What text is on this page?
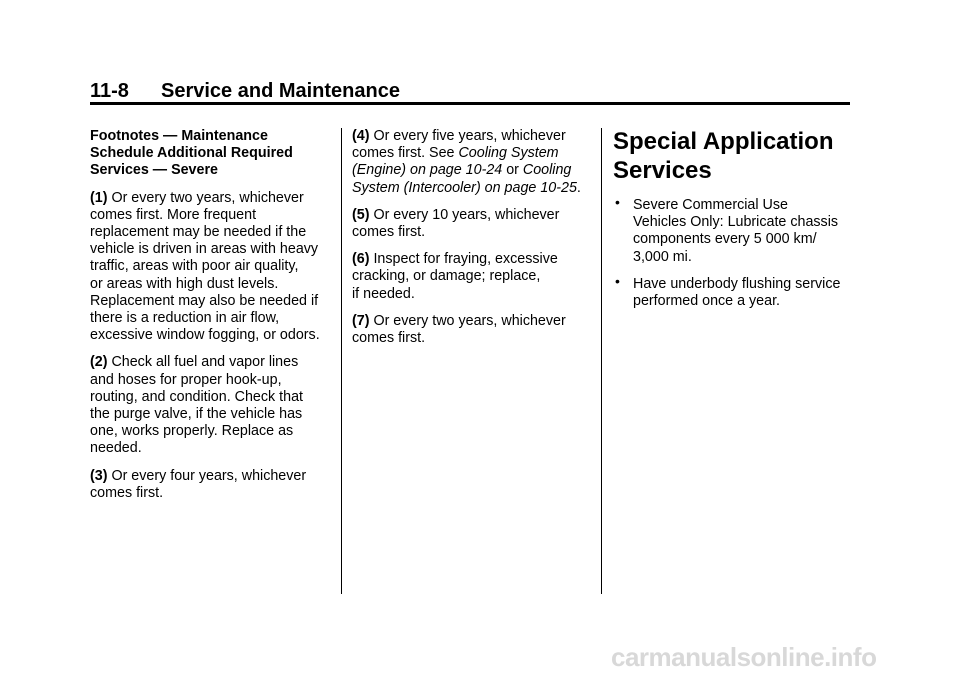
11-8 Service and Maintenance
Footnotes — Maintenance
Schedule Additional Required
Services — Severe

(1) Or every two years, whichever
comes first. More frequent
replacement may be needed if the
vehicle is driven in areas with heavy
traffic, areas with poor air quality,
or areas with high dust levels.
Replacement may also be needed if
there is a reduction in air flow,
excessive window fogging, or odors.

(2) Check all fuel and vapor lines
and hoses for proper hook-up,
routing, and condition. Check that
the purge valve, if the vehicle has
one, works properly. Replace as
needed.

(3) Or every four years, whichever
comes first.

(4) Or every five years, whichever
comes first. See Cooling System
(Engine) on page 10-24 or Cooling
System (Intercooler) on page 10-25.

(5) Or every 10 years, whichever
comes first.

(6) Inspect for fraying, excessive
cracking, or damage; replace,
if needed.

(7) Or every two years, whichever
comes first.

Special Application
Services
• Severe Commercial Use
Vehicles Only: Lubricate chassis
components every 5 000 km/
3,000 mi.
• Have underbody flushing service
performed once a year.
carmanualsonline.info
